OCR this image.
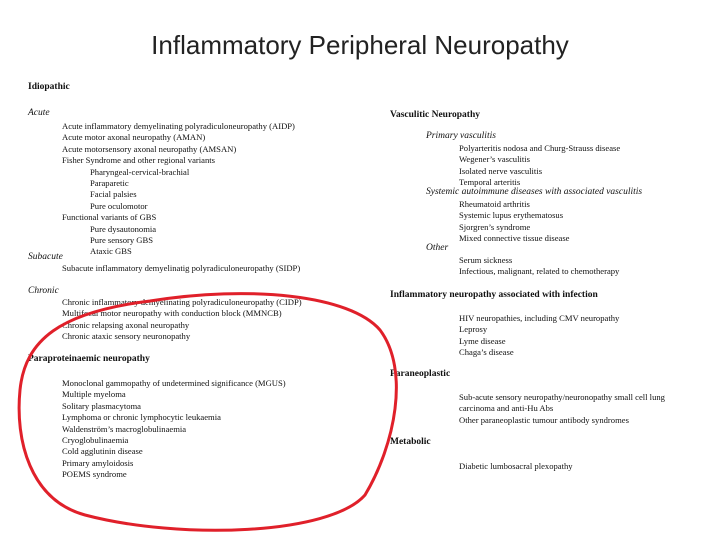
Inflammatory Peripheral Neuropathy
Idiopathic
Acute
Acute inflammatory demyelinating polyradiculoneuropathy (AIDP)
Acute motor axonal neuropathy (AMAN)
Acute motorsensory axonal neuropathy (AMSAN)
Fisher Syndrome and other regional variants
Pharyngeal-cervical-brachial
Paraparetic
Facial palsies
Pure oculomotor
Functional variants of GBS
Pure dysautonomia
Pure sensory GBS
Ataxic GBS
Subacute
Subacute inflammatory demyelinatig polyradiculoneuropathy (SIDP)
Chronic
Chronic inflammatory demyelinating polyradiculoneuropathy (CIDP)
Multifocal motor neuropathy with conduction block (MMNCB)
Chronic relapsing axonal neuropathy
Chronic ataxic sensory neuronopathy
Paraproteinaemic neuropathy
Monoclonal gammopathy of undetermined significance (MGUS)
Multiple myeloma
Solitary plasmacytoma
Lymphoma or chronic lymphocytic leukaemia
Waldenström’s macroglobulinaemia
Cryoglobulinaemia
Cold agglutinin disease
Primary amyloidosis
POEMS syndrome
Vasculitic Neuropathy
Primary vasculitis
Polyarteritis nodosa and Churg-Strauss disease
Wegener’s vasculitis
Isolated nerve vasculitis
Temporal arteritis
Systemic autoimmune diseases with associated vasculitis
Rheumatoid arthritis
Systemic lupus erythematosus
Sjorgren’s syndrome
Mixed connective tissue disease
Other
Serum sickness
Infectious, malignant, related to chemotherapy
Inflammatory neuropathy associated with infection
HIV neuropathies, including CMV neuropathy
Leprosy
Lyme disease
Chaga’s disease
Paraneoplastic
Sub-acute sensory neuropathy/neuronopathy small cell lung
carcinoma and anti-Hu Abs
Other paraneoplastic tumour antibody syndromes
Metabolic
Diabetic lumbosacral plexopathy
